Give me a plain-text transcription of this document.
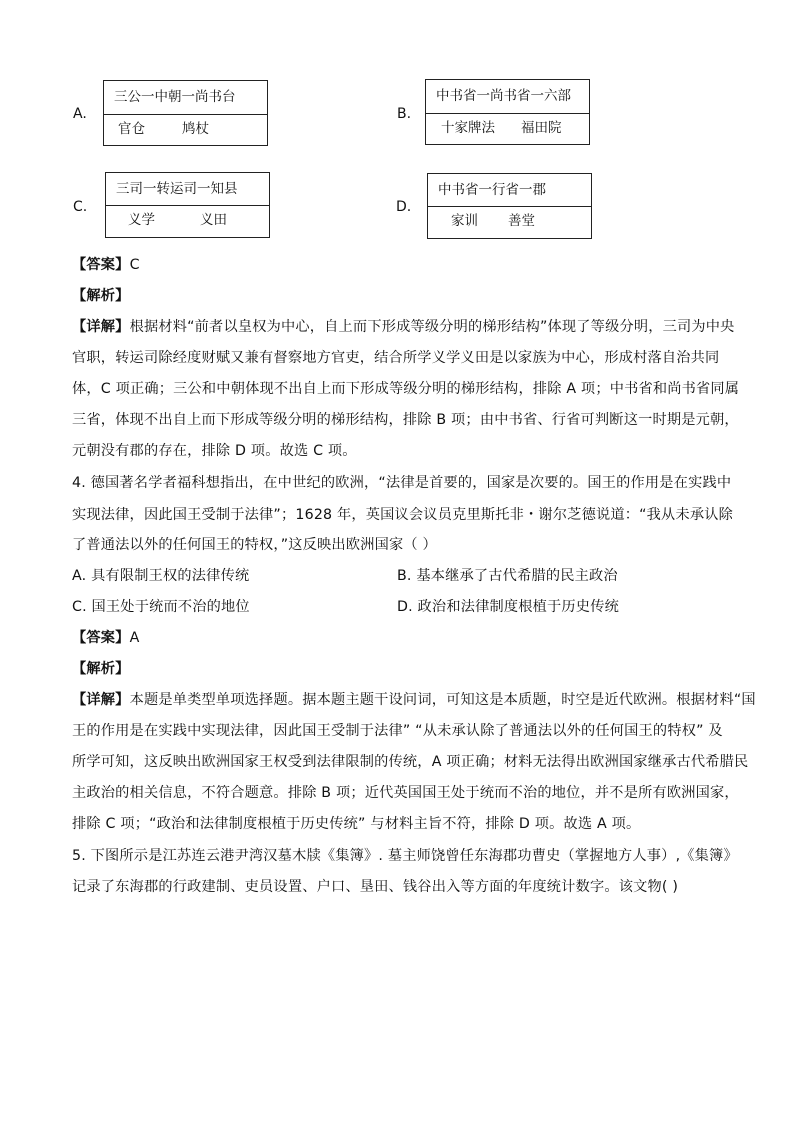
A.
三公一中朝一尚书台
官仓	鸠杖
B.
中书省一尚书省一六部
十家牌法 福田院
C.
三司一转运司一知县
义学	义田
D.
中书省一行省一郡
家训 善堂
【答案】C
【解析】
【详解】根据材料“前者以皇权为中心，自上而下形成等级分明的梯形结构”体现了等级分明，三司为中央
官职，转运司除经度财赋又兼有督察地方官吏，结合所学义学义田是以家族为中心，形成村落自治共同
体，C 项正确；三公和中朝体现不出自上而下形成等级分明的梯形结构，排除 A 项；中书省和尚书省同属
三省，体现不出自上而下形成等级分明的梯形结构，排除 B 项；由中书省、行省可判断这一时期是元朝，
元朝没有郡的存在，排除 D 项。故选 C 项。
4. 德国著名学者福科想指出，在中世纪的欧洲，“法律是首要的，国家是次要的。国王的作用是在实践中
实现法律，因此国王受制于法律”；1628 年，英国议会议员克里斯托非・谢尔芝德说道：“我从未承认除
了普通法以外的任何国王的特权，”这反映出欧洲国家（ ）
A. 具有限制王权的法律传统	B. 基本继承了古代希腊的民主政治
C. 国王处于统而不治的地位	D. 政治和法律制度根植于历史传统
【答案】A
【解析】
【详解】本题是单类型单项选择题。据本题主题干设问词，可知这是本质题，时空是近代欧洲。根据材料“国
王的作用是在实践中实现法律，因此国王受制于法律” “从未承认除了普通法以外的任何国王的特权” 及
所学可知，这反映出欧洲国家王权受到法律限制的传统，A 项正确；材料无法得出欧洲国家继承古代希腊民
主政治的相关信息，不符合题意。排除 B 项；近代英国国王处于统而不治的地位，并不是所有欧洲国家，
排除 C 项；“政治和法律制度根植于历史传统” 与材料主旨不符，排除 D 项。故选 A 项。
5. 下图所示是江苏连云港尹湾汉墓木牍《集簿》. 墓主师饶曾任东海郡功曹史（掌握地方人事）,《集簿》
记录了东海郡的行政建制、吏员设置、户口、垦田、钱谷出入等方面的年度统计数字。该文物( )
